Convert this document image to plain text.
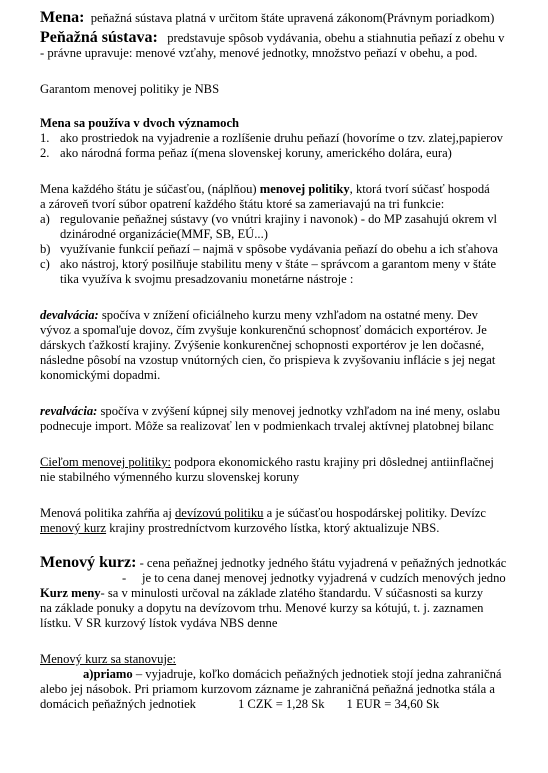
Mena:  peňažná sústava platná v určitom štáte upravená zákonom(Právnym poriadkom)
Peňažná sústava:   predstavuje spôsob vydávania, obehu a stiahnutia peňazí z obehu v
- právne upravuje: menové vzťahy, menové jednotky, množstvo peňazí v obehu, a pod.
Garantom menovej politiky je NBS
Mena sa používa v dvoch významoch
1. ako prostriedok na vyjadrenie a rozlíšenie druhu peňazí (hovoríme o tzv. zlatej,papierov
2. ako národná forma peňaz í(mena slovenskej koruny, amerického dolára, eura)
Mena každého štátu je súčasťou, (náplňou) menovej politiky, ktorá tvorí súčasť hospodá
a zároveň tvorí súbor opatrení každého štátu ktoré sa zameriavajú na tri funkcie:
a) regulovanie peňažnej sústavy (vo vnútri krajiny i navonok) - do MP zasahujú okrem vl
dzinárodné organizácie(MMF, SB, EÚ...)
b) využívanie funkcií peňazí – najmä v spôsobe vydávania peňazí do obehu a ich sťahova
c) ako nástroj, ktorý posilňuje stabilitu meny v štáte – správcom a garantom meny v štáte
tika využíva k svojmu presadzovaniu monetárne nástroje :
devalvácia: spočíva v znížení oficiálneho kurzu meny vzhľadom na ostatné meny. Dev
vývoz a spomaľuje dovoz, čím zvyšuje konkurenčnú schopnosť domácich exportérov. Je
dárskych ťažkostí krajiny. Zvýšenie konkurenčnej schopnosti exportérov je len dočasné,
následne pôsobí na vzostup vnútorných cien, čo prispieva k zvyšovaniu inflácie s jej negat
konomickými dopadmi.
revalvácia: spočíva v zvýšení kúpnej sily menovej jednotky vzhľadom na iné meny, oslabu
podnecuje import. Môže sa realizovať len v podmienkach trvalej aktívnej platobnej bilanc
Cieľom menovej politiky: podpora ekonomického rastu krajiny pri dôslednej antiinflačnej
nie stabilného výmenného kurzu slovenskej koruny
Menová politika zahŕňa aj devízovú politiku a je súčasťou hospodárskej politiky. Devízc
menový kurz krajiny prostredníctvom kurzového lístka, ktorý aktualizuje NBS.
Menový kurz: - cena peňažnej jednotky jedného štátu vyjadrená v peňažných jednotkác
- je to cena danej menovej jednotky vyjadrená v cudzích menových jedno
Kurz meny- sa v minulosti určoval na základe zlatého štandardu. V súčasnosti sa kurzy
na základe ponuky a dopytu na devízovom trhu. Menové kurzy sa kótujú, t. j. zaznamen
lístku. V SR kurzový lístok vydáva NBS denne
Menový kurz sa stanovuje:
a)priamo – vyjadruje, koľko domácich peňažných jednotiek stojí jedna zahraničná
alebo jej násobok. Pri priamom kurzovom zázname je zahraničná peňažná jednotka stála a
domácich peňažných jednotiek	1 CZK = 1,28 Sk 1 EUR = 34,60 Sk
